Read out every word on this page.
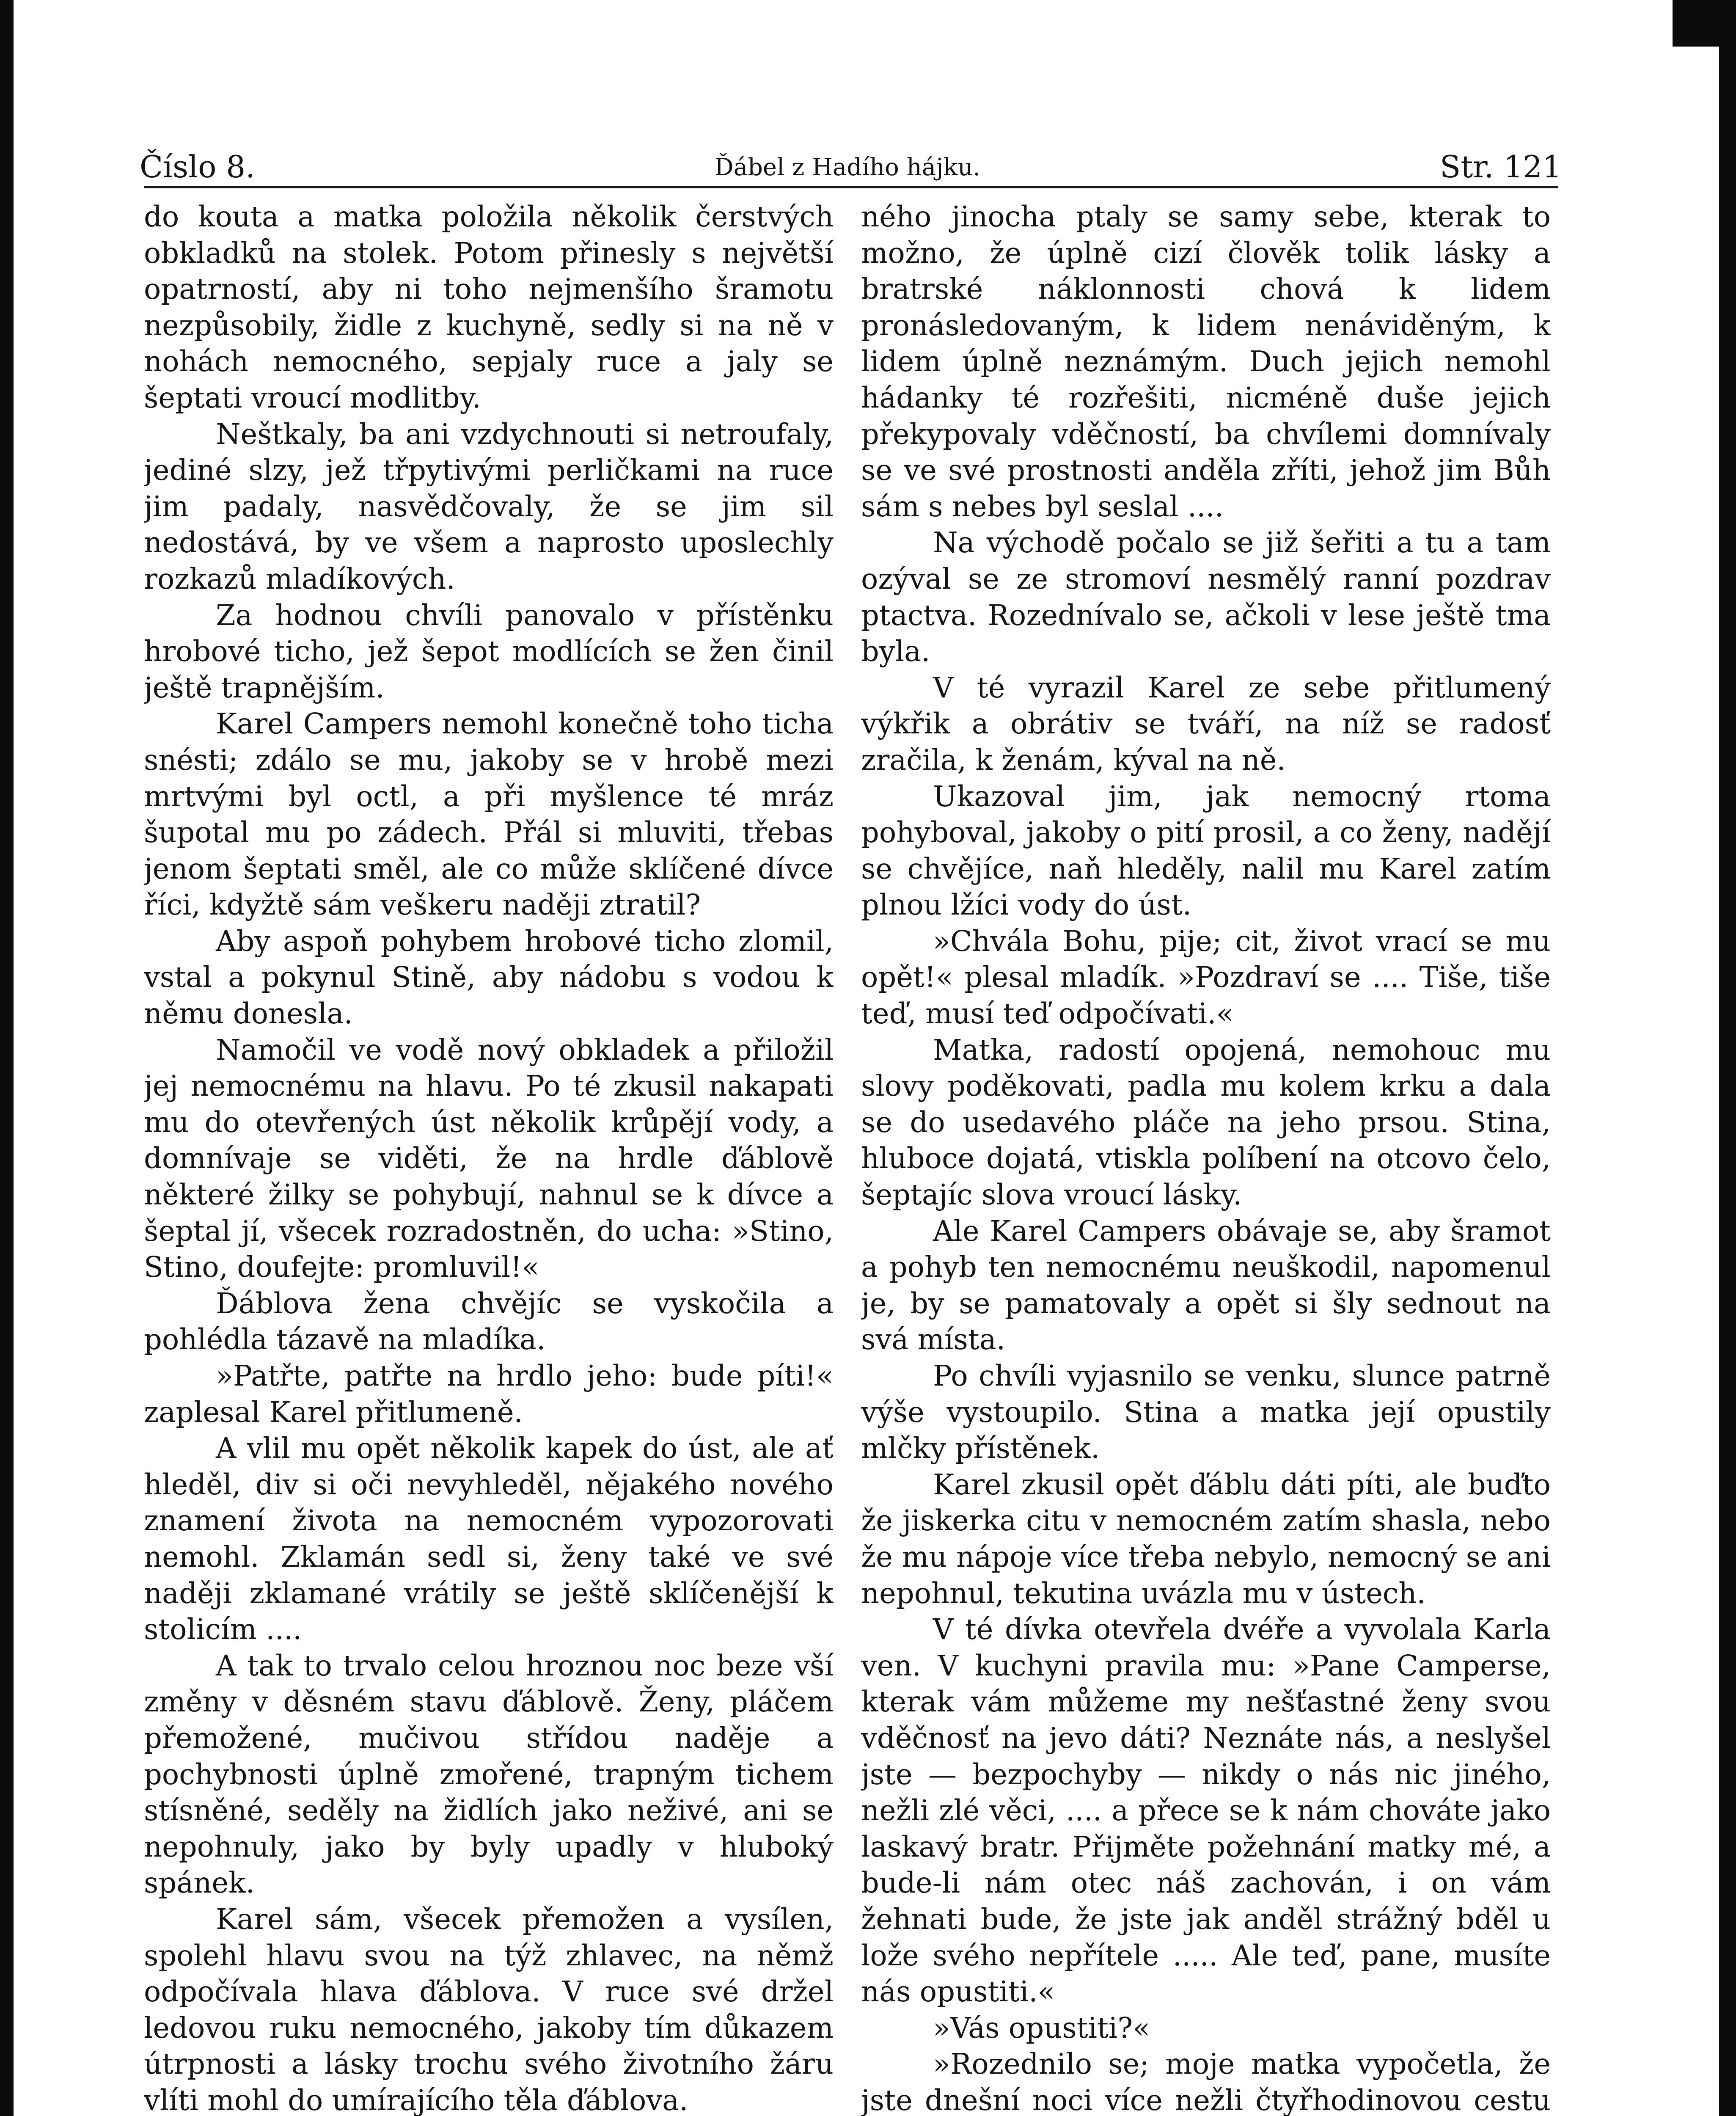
Číslo 8.	Ďábel z Hadího hájku.	Str. 121

do kouta a matka položila několik čerstvých obkladků na stolek. Potom přinesly s největší opatrností, aby ni toho nejmenšího šramotu nezpůsobily, židle z kuchyně, sedly si na ně v nohách nemocného, sepjaly ruce a jaly se šeptati vroucí modlitby.

Neštkaly, ba ani vzdychnouti si netroufaly, jediné slzy, jež třpytivými perličkami na ruce jim padaly, nasvědčovaly, že se jim sil nedostává, by ve všem a naprosto uposlechly rozkazů mladíkových.

Za hodnou chvíli panovalo v přístěnku hrobové ticho, jež šepot modlících se žen činil ještě trapnějším.

Karel Campers nemohl konečně toho ticha snésti; zdálo se mu, jakoby se v hrobě mezi mrtvými byl octl, a při myšlence té mráz šupotal mu po zádech. Přál si mluviti, třebas jenom šeptati směl, ale co může sklíčené dívce říci, kdyžtě sám veškeru naději ztratil?

Aby aspoň pohybem hrobové ticho zlomil, vstal a pokynul Stině, aby nádobu s vodou k němu donesla.

Namočil ve vodě nový obkladek a přiložil jej nemocnému na hlavu. Po té zkusil nakapati mu do otevřených úst několik krůpějí vody, a domnívaje se viděti, že na hrdle ďáblově některé žilky se pohybují, nahnul se k dívce a šeptal jí, všecek rozradostněn, do ucha: »Stino, Stino, doufejte: promluvil!«

Ďáblova žena chvějíc se vyskočila a pohlédla tázavě na mladíka.

»Patřte, patřte na hrdlo jeho: bude píti!« zaplesal Karel přitlumeně.

A vlil mu opět několik kapek do úst, ale ať hleděl, div si oči nevyhleděl, nějakého nového znamení života na nemocném vypozorovati nemohl. Zklamán sedl si, ženy také ve své naději zklamané vrátily se ještě sklíčenější k stolicím ....

A tak to trvalo celou hroznou noc beze vší změny v děsném stavu ďáblově. Ženy, pláčem přemožené, mučivou střídou naděje a pochybnosti úplně zmořené, trapným tichem stísněné, seděly na židlích jako neživé, ani se nepohnuly, jako by byly upadly v hluboký spánek.

Karel sám, všecek přemožen a vysílen, spolehl hlavu svou na týž zhlavec, na němž odpočívala hlava ďáblova. V ruce své držel ledovou ruku nemocného, jakoby tím důkazem útrpnosti a lásky trochu svého životního žáru vlíti mohl do umírajícího těla ďáblova.

ného jinocha ptaly se samy sebe, kterak to možno, že úplně cizí člověk tolik lásky a bratrské náklonnosti chová k lidem pronásledovaným, k lidem nenáviděným, k lidem úplně neznámým. Duch jejich nemohl hádanky té rozřešiti, nicméně duše jejich překypovaly vděčností, ba chvílemi domnívaly se ve své prostnosti anděla zříti, jehož jim Bůh sám s nebes byl seslal ....

Na východě počalo se již šeřiti a tu a tam ozýval se ze stromoví nesmělý ranní pozdrav ptactva. Rozednívalo se, ačkoli v lese ještě tma byla.

V té vyrazil Karel ze sebe přitlumený výkřik a obrátiv se tváří, na níž se radosť zračila, k ženám, kýval na ně.

Ukazoval jim, jak nemocný rtoma pohyboval, jakoby o pití prosil, a co ženy, nadějí se chvějíce, naň hleděly, nalil mu Karel zatím plnou lžíci vody do úst.

»Chvála Bohu, pije; cit, život vrací se mu opět!« plesal mladík. »Pozdraví se .... Tiše, tiše teď, musí teď odpočívati.«

Matka, radostí opojená, nemohouc mu slovy poděkovati, padla mu kolem krku a dala se do usedavého pláče na jeho prsou. Stina, hluboce dojatá, vtiskla políbení na otcovo čelo, šeptajíc slova vroucí lásky.

Ale Karel Campers obávaje se, aby šramot a pohyb ten nemocnému neuškodil, napomenul je, by se pamatovaly a opět si šly sednout na svá místa.

Po chvíli vyjasnilo se venku, slunce patrně výše vystoupilo. Stina a matka její opustily mlčky přístěnek.

Karel zkusil opět ďáblu dáti píti, ale buďto že jiskerka citu v nemocném zatím shasla, nebo že mu nápoje více třeba nebylo, nemocný se ani nepohnul, tekutina uvázla mu v ústech.

V té dívka otevřela dvéře a vyvolala Karla ven. V kuchyni pravila mu: »Pane Camperse, kterak vám můžeme my nešťastné ženy svou vděčnosť na jevo dáti? Neznáte nás, a neslyšel jste — bezpochyby — nikdy o nás nic jiného, nežli zlé věci, .... a přece se k nám chováte jako laskavý bratr. Přijměte požehnání matky mé, a bude-li nám otec náš zachován, i on vám žehnati bude, že jste jak anděl strážný bděl u lože svého nepřítele ..... Ale teď, pane, musíte nás opustiti.«

»Vás opustiti?«

»Rozednilo se; moje matka vypočetla, že jste dnešní noci více nežli čtyřhodinovou cestu
